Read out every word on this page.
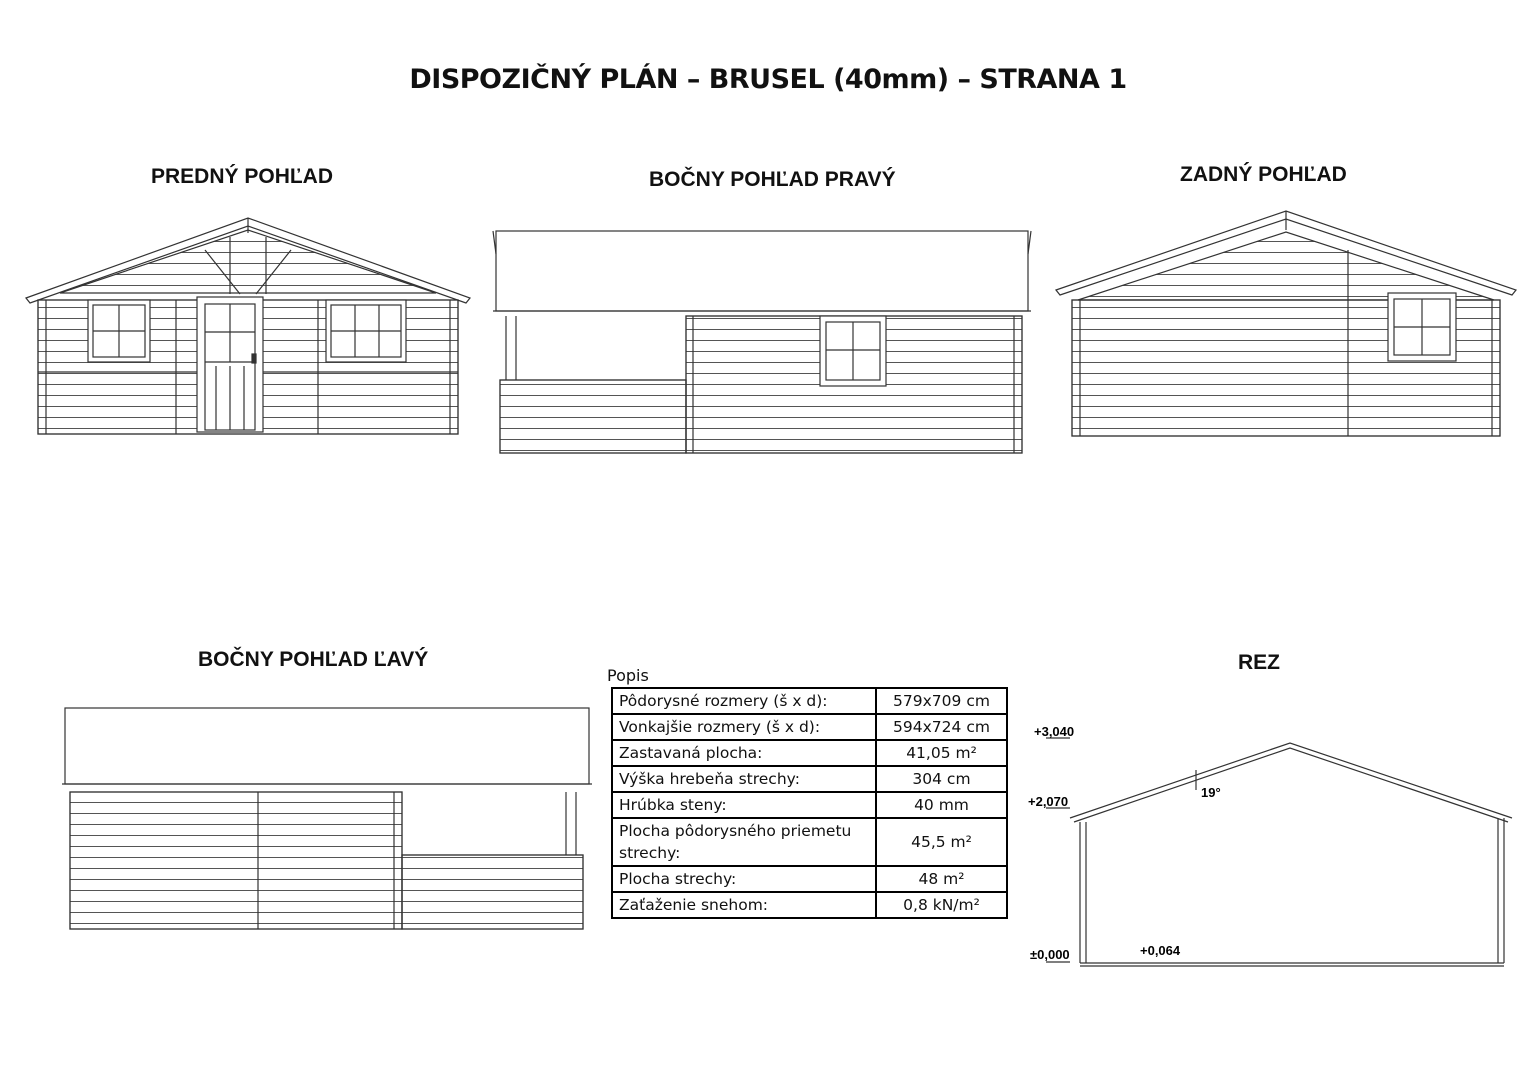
DISPOZIČNÝ PLÁN – BRUSEL (40mm) – STRANA 1
PREDNÝ POHĽAD	BOČNY POHĽAD PRAVÝ	ZADNÝ POHĽAD
BOČNY POHĽAD ĽAVÝ	REZ
+3,040
+2,070
±0,000	+0,064
19°
Popis
Pôdorysné rozmery (š x d):	579x709 cm
Vonkajšie rozmery (š x d):	594x724 cm
Zastavaná plocha:	41,05 m²
Výška hrebeňa strechy:	304 cm
Hrúbka steny:	40 mm
Plocha pôdorysného priemetu strechy:	45,5 m²
Plocha strechy:	48 m²
Zaťaženie snehom:	0,8 kN/m²
